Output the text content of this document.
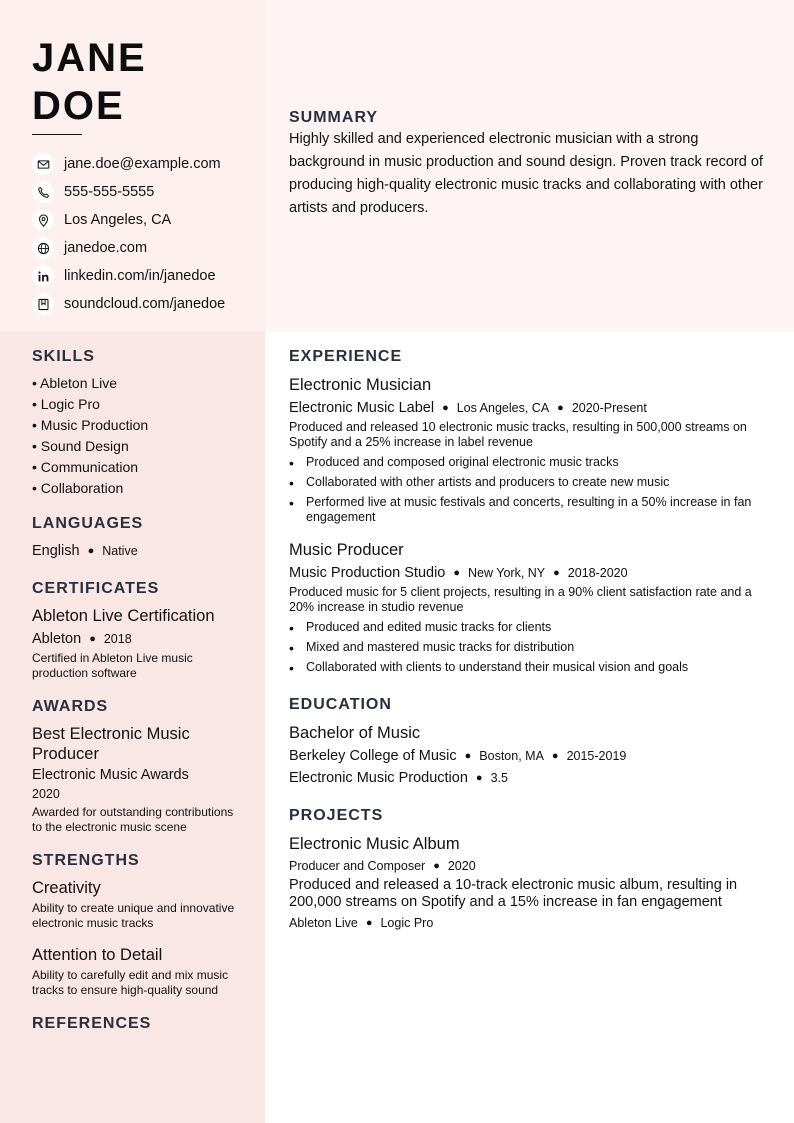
JANE
DOE
jane.doe@example.com
555-555-5555
Los Angeles, CA
janedoe.com
linkedin.com/in/janedoe
soundcloud.com/janedoe
SUMMARY
Highly skilled and experienced electronic musician with a strong background in music production and sound design. Proven track record of producing high-quality electronic music tracks and collaborating with other artists and producers.
SKILLS
• Ableton Live
• Logic Pro
• Music Production
• Sound Design
• Communication
• Collaboration
LANGUAGES
English ● Native
CERTIFICATES
Ableton Live Certification
Ableton ● 2018
Certified in Ableton Live music production software
AWARDS
Best Electronic Music Producer
Electronic Music Awards
2020
Awarded for outstanding contributions to the electronic music scene
STRENGTHS
Creativity
Ability to create unique and innovative electronic music tracks
Attention to Detail
Ability to carefully edit and mix music tracks to ensure high-quality sound
REFERENCES
EXPERIENCE
Electronic Musician
Electronic Music Label ● Los Angeles, CA ● 2020-Present
Produced and released 10 electronic music tracks, resulting in 500,000 streams on Spotify and a 25% increase in label revenue
• Produced and composed original electronic music tracks
• Collaborated with other artists and producers to create new music
• Performed live at music festivals and concerts, resulting in a 50% increase in fan engagement
Music Producer
Music Production Studio ● New York, NY ● 2018-2020
Produced music for 5 client projects, resulting in a 90% client satisfaction rate and a 20% increase in studio revenue
• Produced and edited music tracks for clients
• Mixed and mastered music tracks for distribution
• Collaborated with clients to understand their musical vision and goals
EDUCATION
Bachelor of Music
Berkeley College of Music ● Boston, MA ● 2015-2019
Electronic Music Production ● 3.5
PROJECTS
Electronic Music Album
Producer and Composer ● 2020
Produced and released a 10-track electronic music album, resulting in 200,000 streams on Spotify and a 15% increase in fan engagement
Ableton Live ● Logic Pro
